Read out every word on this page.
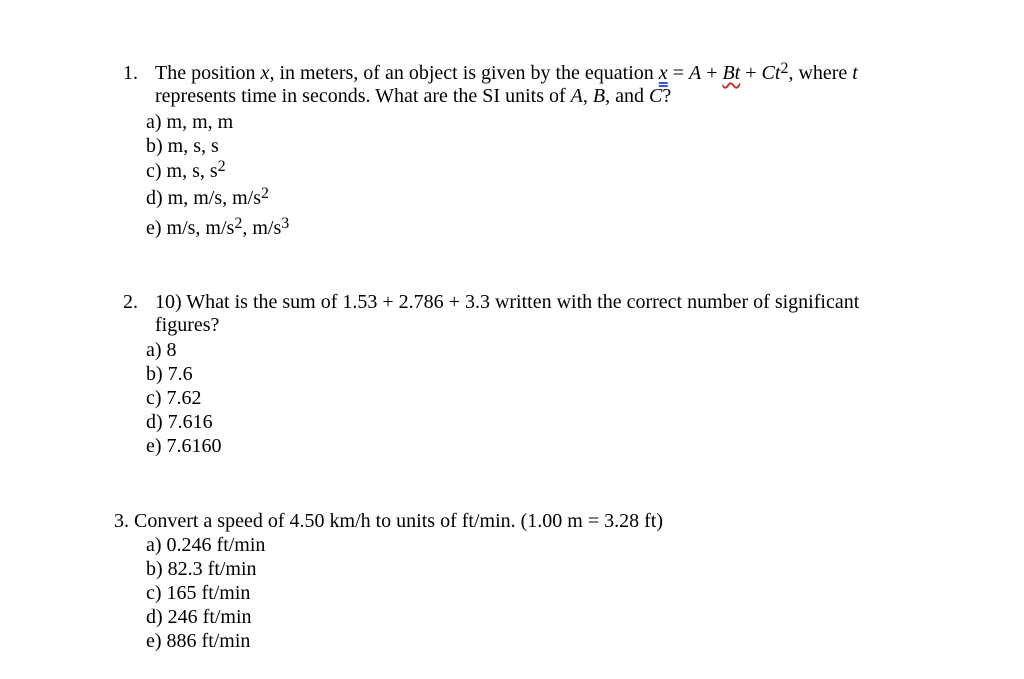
1. The position x, in meters, of an object is given by the equation $x = A + Bt + Ct^2$, where t
represents time in seconds. What are the SI units of A, B, and C?
a) m, m, m
b) m, s, s
c) m, s, $s^2$
d) m, m/s, $m/s^2$
e) m/s, $m/s^2$, $m/s^3$
2. 10) What is the sum of 1.53 + 2.786 + 3.3 written with the correct number of significant
figures?
a) 8
b) 7.6
c) 7.62
d) 7.616
e) 7.6160
3. Convert a speed of 4.50 km/h to units of ft/min. (1.00 m = 3.28 ft)
a) 0.246 ft/min
b) 82.3 ft/min
c) 165 ft/min
d) 246 ft/min
e) 886 ft/min
